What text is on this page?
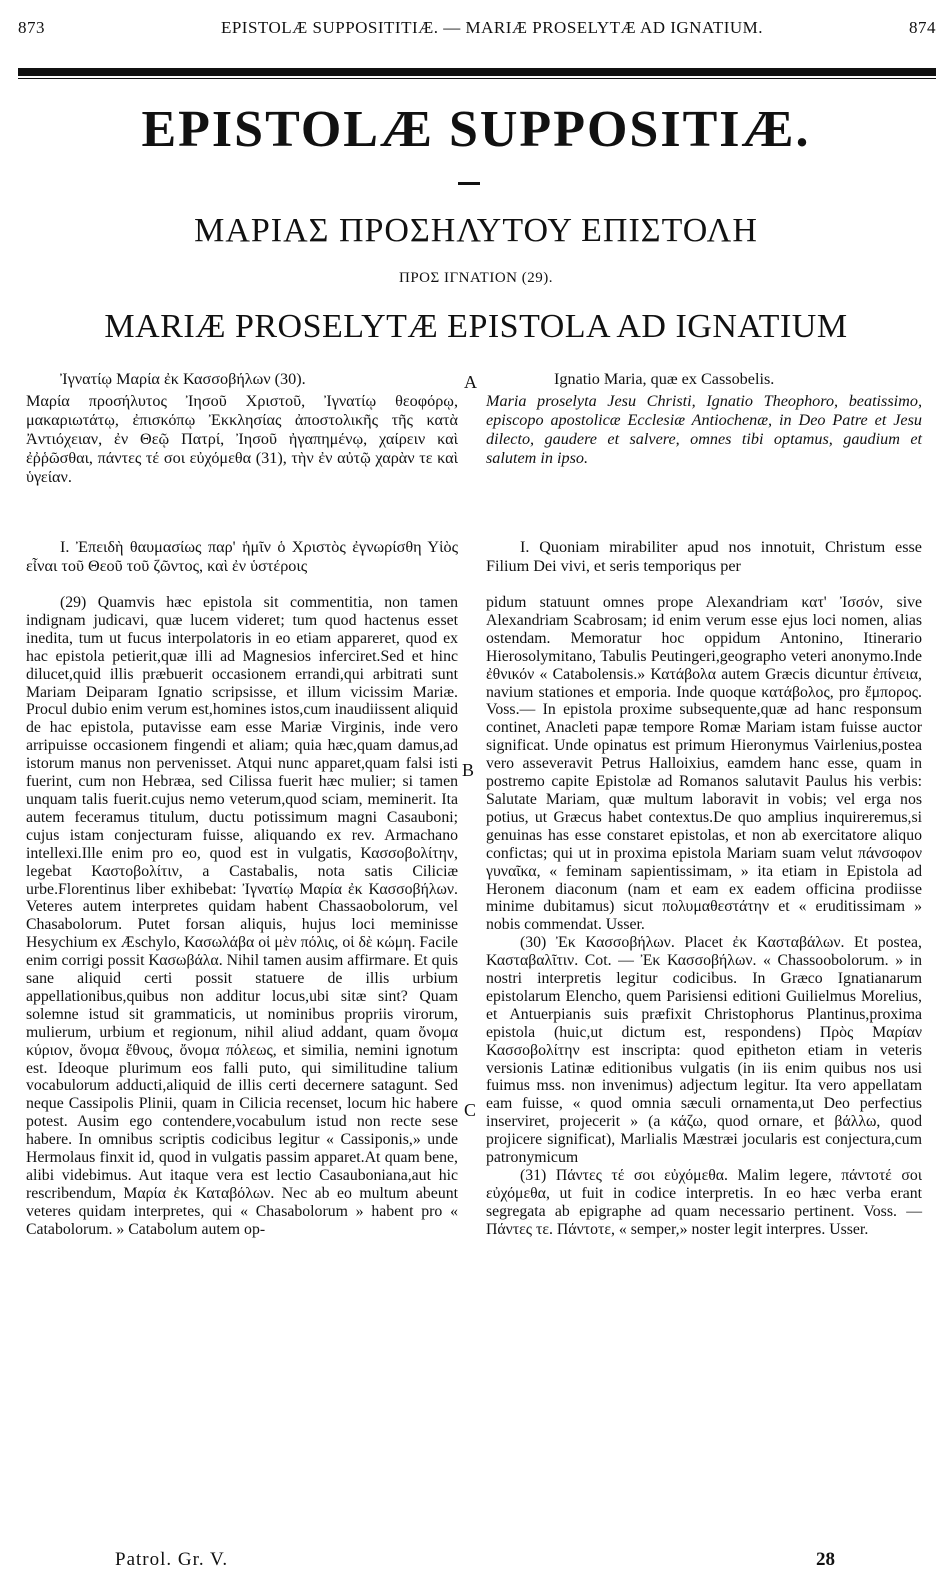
873	EPISTOLÆ SUPPOSITITIÆ. — MARIÆ PROSELYTÆ AD IGNATIUM.	874
EPISTOLÆ SUPPOSITIÆ.
ΜΑΡΙΑΣ ΠΡΟΣΗΛΥΤΟΥ ΕΠΙΣΤΟΛΗ
ΠΡΟΣ ΙΓΝΑΤΙΟΝ (29).
MARIÆ PROSELYTÆ EPISTOLA AD IGNATIUM
A
B
C

Ἰγνατίῳ Μαρία ἐκ Κασσοβήλων (30).

Μαρία προσήλυτος Ἰησοῦ Χριστοῦ, Ἰγνατίῳ θεοφόρῳ, μακαριωτάτῳ, ἐπισκόπῳ Ἐκκλησίας ἀποστολικῆς τῆς κατὰ Ἀντιόχειαν, ἐν Θεῷ Πατρί, Ἰησοῦ ἠγαπημένῳ, χαίρειν καὶ ἐῤῥῶσθαι, πάντες τέ σοι εὐχόμεθα (31), τὴν ἐν αὐτῷ χαρὰν τε καὶ ὑγείαν.

Ι. Ἐπειδὴ θαυμασίως παρ' ἡμῖν ὁ Χριστὸς ἐγνωρίσθη Υἱὸς εἶναι τοῦ Θεοῦ τοῦ ζῶντος, καὶ ἐν ὑστέροις

(29) Quamvis hæc epistola sit commentitia, non tamen indignam judicavi, quæ lucem videret; tum quod hactenus esset inedita, tum ut fucus interpolatoris in eo etiam appareret, quod ex hac epistola petierit,quæ illi ad Magnesios inferciret.Sed et hinc dilucet,quid illis præbuerit occasionem errandi,qui arbitrati sunt Mariam Deiparam Ignatio scripsisse, et illum vicissim Mariæ. Procul dubio enim verum est,homines istos,cum inaudiissent aliquid de hac epistola, putavisse eam esse Mariæ Virginis, inde vero arripuisse occasionem fingendi et aliam; quia hæc,quam damus,ad istorum manus non pervenisset. Atqui nunc apparet,quam falsi isti fuerint, cum non Hebræa, sed Cilissa fuerit hæc mulier; si tamen unquam talis fuerit.cujus nemo veterum,quod sciam, meminerit. Ita autem feceramus titulum, ductu potissimum magni Casauboni; cujus istam conjecturam fuisse, aliquando ex rev. Armachano intellexi.Ille enim pro eo, quod est in vulgatis, Κασσοβολίτην, legebat Καστοβολίτιν, a Castabalis, nota satis Ciliciæ urbe.Florentinus liber exhibebat: Ἰγνατίῳ Μαρία ἐκ Κασσοβήλων. Veteres autem interpretes quidam habent Chassaobolorum, vel Chasabolorum. Putet forsan aliquis, hujus loci meminisse Hesychium ex Æschylo, Κασωλάβα οἱ μὲν πόλις, οἱ δὲ κώμη. Facile enim corrigi possit Κασωβάλα. Nihil tamen ausim affirmare. Et quis sane aliquid certi possit statuere de illis urbium appellationibus,quibus non additur locus,ubi sitæ sint? Quam solemne istud sit grammaticis, ut nominibus propriis virorum, mulierum, urbium et regionum, nihil aliud addant, quam ὄνομα κύριον, ὄνομα ἔθνους, ὄνομα πόλεως, et similia, nemini ignotum est. Ideoque plurimum eos falli puto, qui similitudine talium vocabulorum adducti,aliquid de illis certi decernere satagunt. Sed neque Cassipolis Plinii, quam in Cilicia recenset, locum hic habere potest. Ausim ego contendere,vocabulum istud non recte sese habere. In omnibus scriptis codicibus legitur « Cassiponis,» unde Hermolaus finxit id, quod in vulgatis passim apparet.At quam bene, alibi videbimus. Aut itaque vera est lectio Casauboniana,aut hic rescribendum, Μαρία ἐκ Καταβόλων. Nec ab eo multum abeunt veteres quidam interpretes, qui « Chasabolorum » habent pro « Catabolorum. » Catabolum autem op-

Ignatio Maria, quæ ex Cassobelis.

Maria proselyta Jesu Christi, Ignatio Theophoro, beatissimo, episcopo apostolicæ Ecclesiæ Antiochenæ, in Deo Patre et Jesu dilecto, gaudere et salvere, omnes tibi optamus, gaudium et salutem in ipso.

I. Quoniam mirabiliter apud nos innotuit, Christum esse Filium Dei vivi, et seris temporiqus per

pidum statuunt omnes prope Alexandriam κατ' Ἰσσόν, sive Alexandriam Scabrosam; id enim verum esse ejus loci nomen, alias ostendam. Memoratur hoc oppidum Antonino, Itinerario Hierosolymitano, Tabulis Peutingeri,geographo veteri anonymo.Inde ἐθνικόν « Catabolensis.» Κατάβολα autem Græcis dicuntur ἐπίνεια, navium stationes et emporia. Inde quoque κατάβολος, pro ἔμπορος. Voss.— In epistola proxime subsequente,quæ ad hanc responsum continet, Anacleti papæ tempore Romæ Mariam istam fuisse auctor significat. Unde opinatus est primum Hieronymus Vairlenius,postea vero asseveravit Petrus Halloixius, eamdem hanc esse, quam in postremo capite Epistolæ ad Romanos salutavit Paulus his verbis: Salutate Mariam, quæ multum laboravit in vobis; vel erga nos potius, ut Græcus habet contextus.De quo amplius inquireremus,si genuinas has esse constaret epistolas, et non ab exercitatore aliquo confictas; qui ut in proxima epistola Mariam suam velut πάνσοφον γυναῖκα, « feminam sapientissimam, » ita etiam in Epistola ad Heronem diaconum (nam et eam ex eadem officina prodiisse minime dubitamus) sicut πολυμαθεστάτην et « eruditissimam » nobis commendat. Usser.

(30) Ἐκ Κασσοβήλων. Placet ἐκ Κασταβάλων. Et postea, Κασταβαλῖτιν. Cot. — Ἐκ Κασσοβήλων. « Chassoobolorum. » in nostri interpretis legitur codicibus. In Græco Ignatianarum epistolarum Elencho, quem Parisiensi editioni Guilielmus Morelius, et Antuerpianis suis præfixit Christophorus Plantinus,proxima epistola (huic,ut dictum est, respondens) Πρὸς Μαρίαν Κασσοβολίτην est inscripta: quod epitheton etiam in veteris versionis Latinæ editionibus vulgatis (in iis enim quibus nos usi fuimus mss. non invenimus) adjectum legitur. Ita vero appellatam eam fuisse, « quod omnia sæculi ornamenta,ut Deo perfectius inserviret, projecerit » (a κάζω, quod ornare, et βάλλω, quod projicere significat), Marlialis Mæstræi jocularis est conjectura,cum patronymicum

(31) Πάντες τέ σοι εὐχόμεθα. Malim legere, πάντοτέ σοι εὐχόμεθα, ut fuit in codice interpretis. In eo hæc verba erant segregata ab epigraphe ad quam necessario pertinent. Voss. — Πάντες τε. Πάντοτε, « semper,» noster legit interpres. Usser.

Patrol. Gr. V.	28
